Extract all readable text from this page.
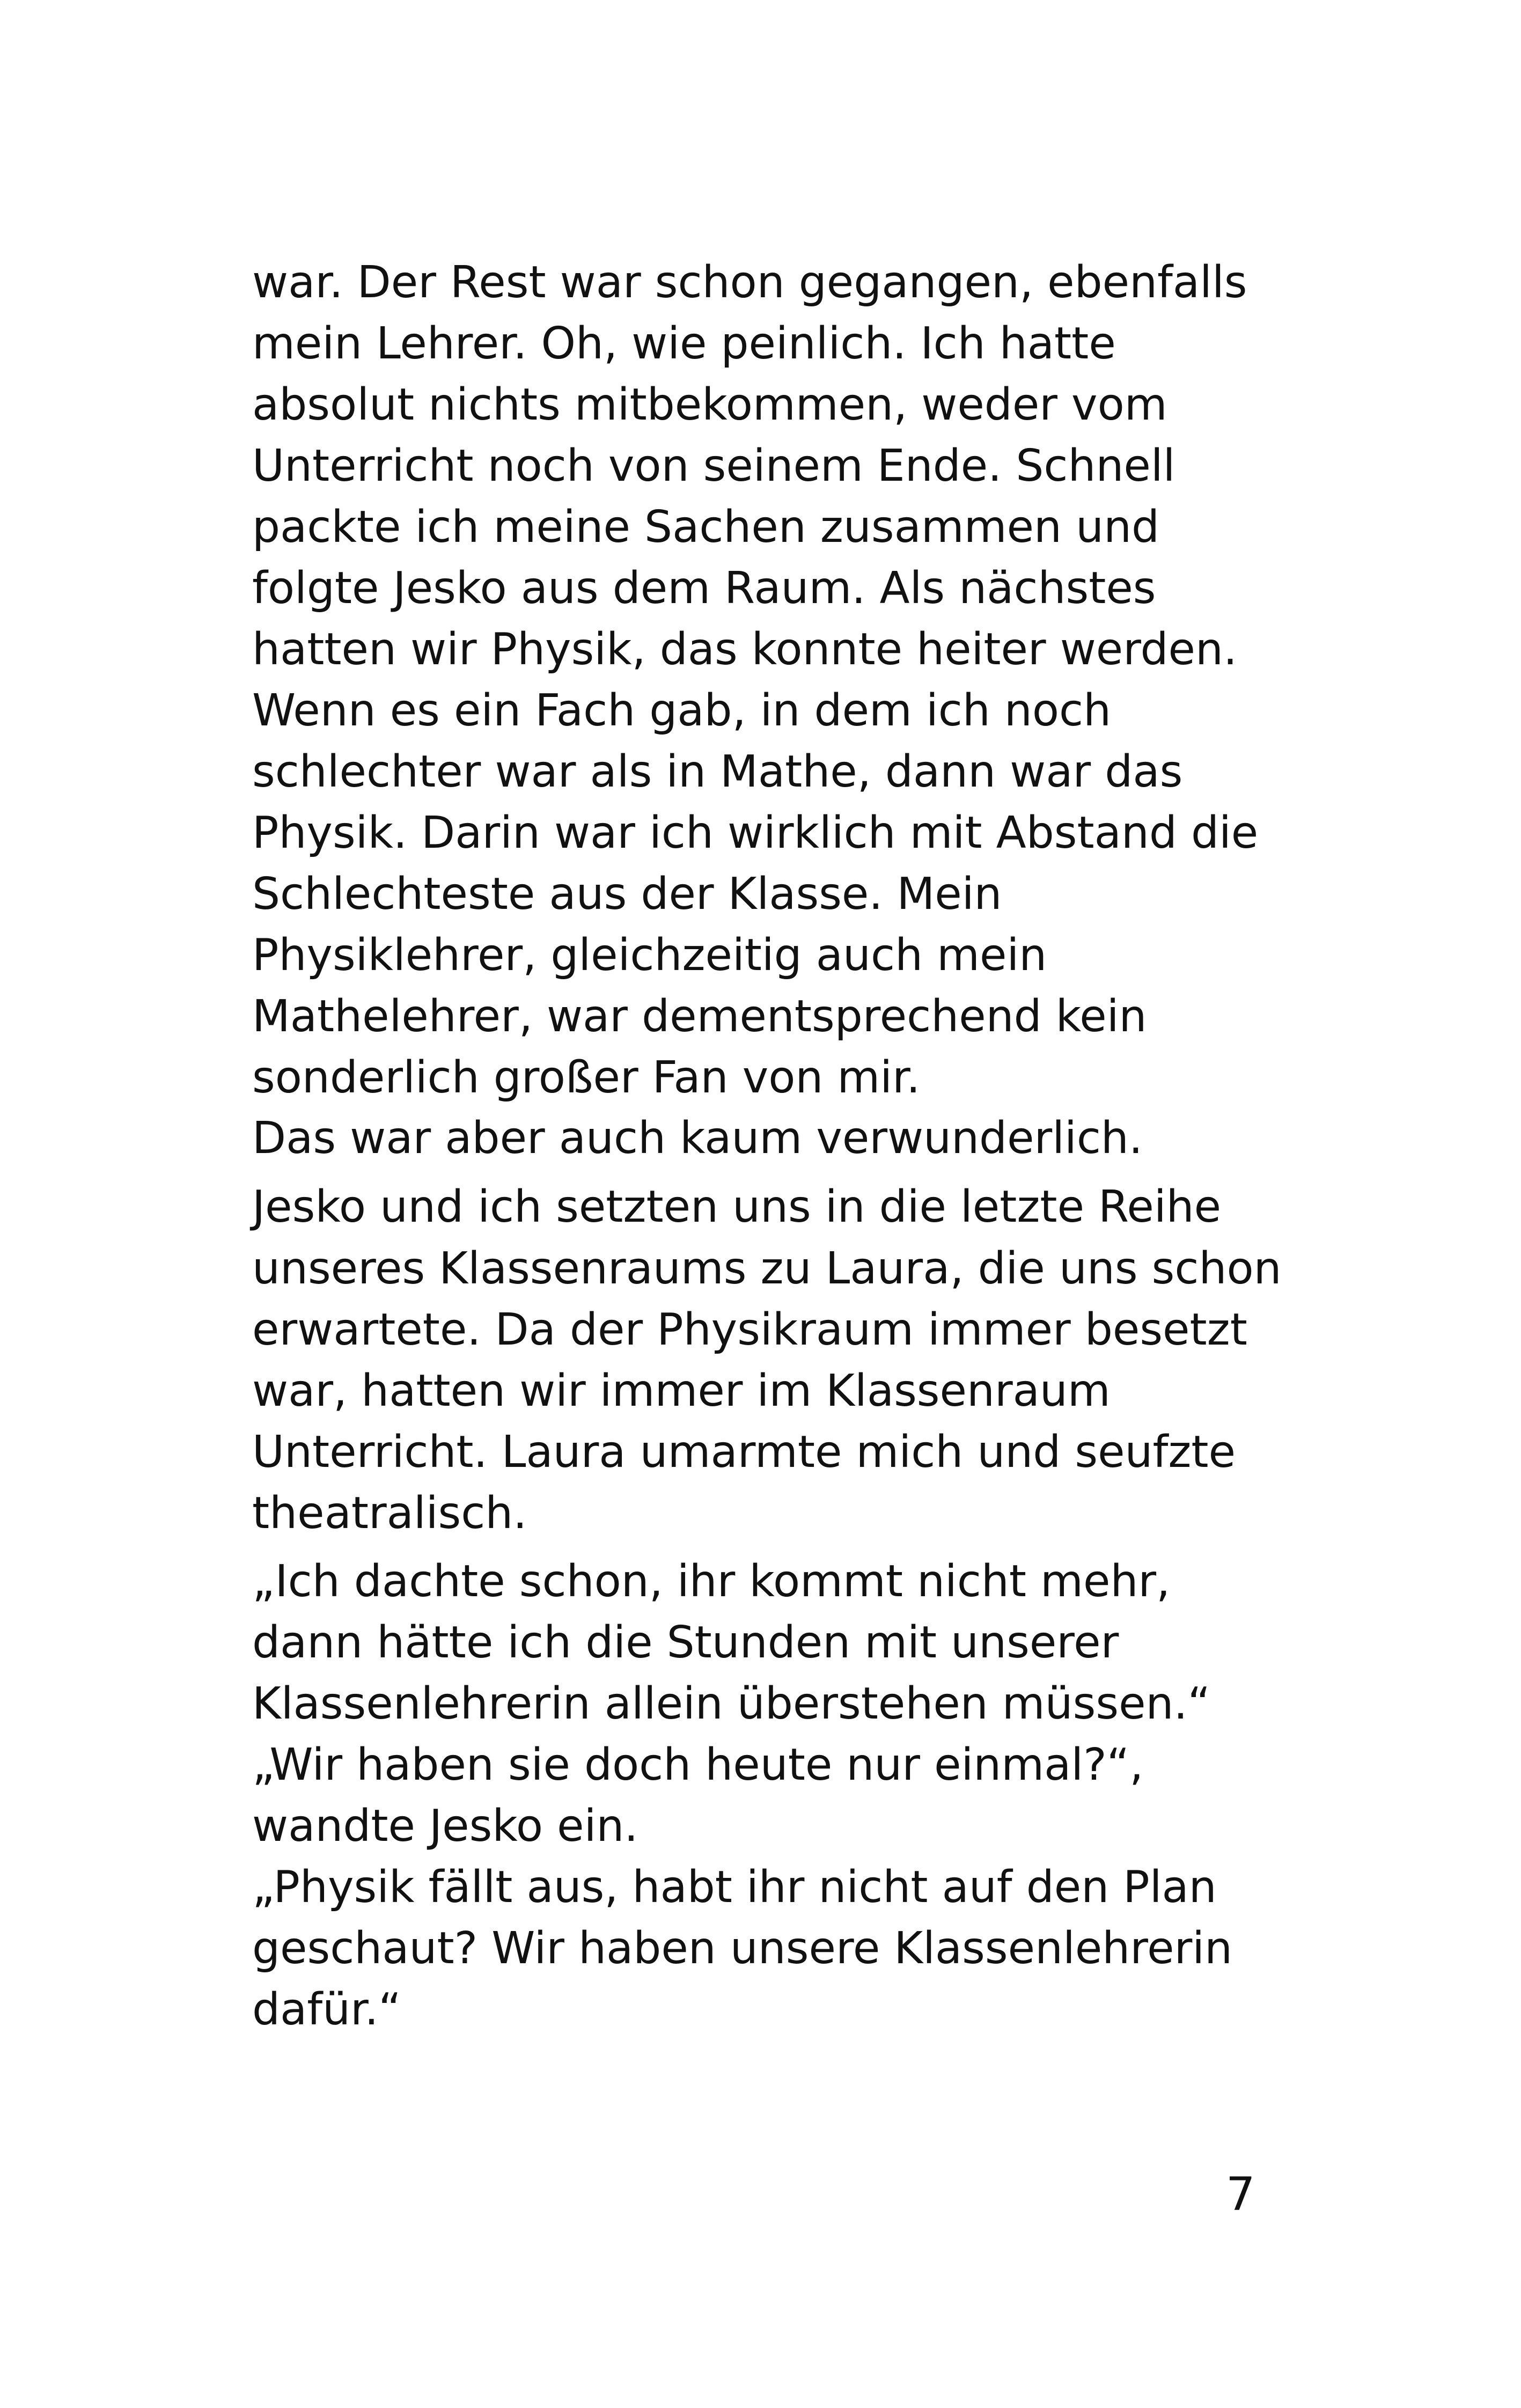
war. Der Rest war schon gegangen, ebenfalls

mein Lehrer. Oh, wie peinlich. Ich hatte

absolut nichts mitbekommen, weder vom

Unterricht noch von seinem Ende. Schnell

packte ich meine Sachen zusammen und

folgte Jesko aus dem Raum. Als nächstes

hatten wir Physik, das konnte heiter werden.

Wenn es ein Fach gab, in dem ich noch

schlechter war als in Mathe, dann war das

Physik. Darin war ich wirklich mit Abstand die

Schlechteste aus der Klasse. Mein

Physiklehrer, gleichzeitig auch mein

Mathelehrer, war dementsprechend kein

sonderlich großer Fan von mir.

Das war aber auch kaum verwunderlich.

Jesko und ich setzten uns in die letzte Reihe

unseres Klassenraums zu Laura, die uns schon

erwartete. Da der Physikraum immer besetzt

war, hatten wir immer im Klassenraum

Unterricht. Laura umarmte mich und seufzte

theatralisch.

„Ich dachte schon, ihr kommt nicht mehr,

dann hätte ich die Stunden mit unserer

Klassenlehrerin allein überstehen müssen.“

„Wir haben sie doch heute nur einmal?“,

wandte Jesko ein.

„Physik fällt aus, habt ihr nicht auf den Plan

geschaut? Wir haben unsere Klassenlehrerin

dafür.“

7
